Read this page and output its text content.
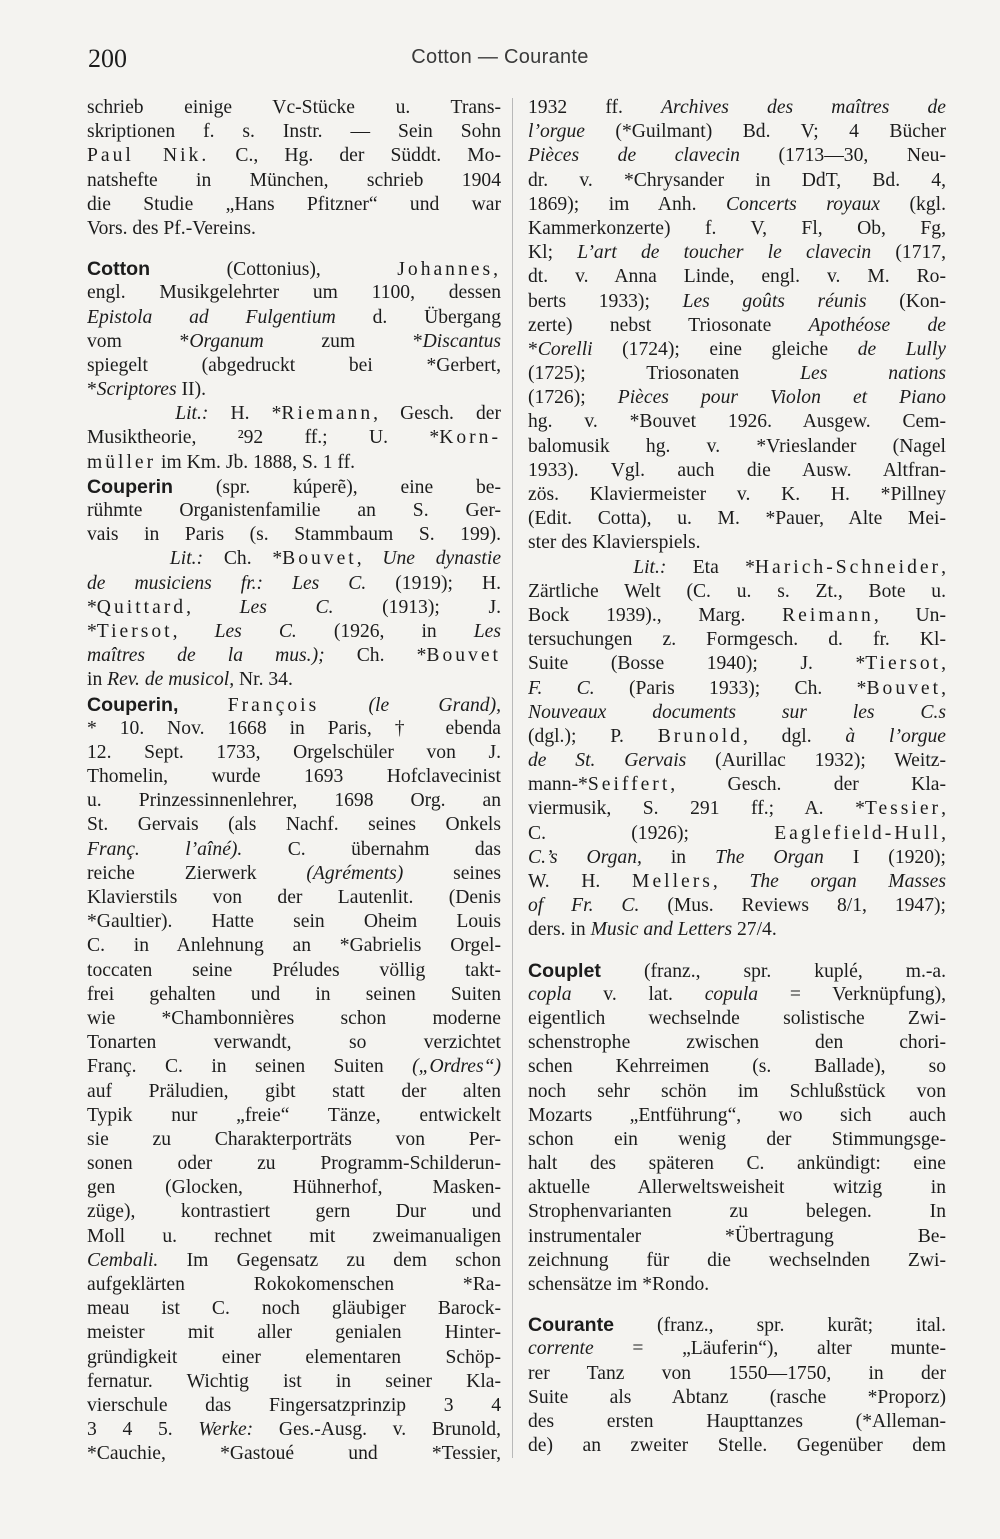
200	Cotton — Courante
schrieb einige Vc-Stücke u. Trans-
skriptionen f. s. Instr. — Sein Sohn
Paul Nik. C., Hg. der Süddt. Mo-
natshefte in München, schrieb 1904
die Studie „Hans Pfitzner“ und war
Vors. des Pf.-Vereins.
Cotton (Cottonius), Johannes,
engl. Musikgelehrter um 1100, dessen
Epistola ad Fulgentium d. Übergang
vom *Organum zum *Discantus
spiegelt (abgedruckt bei *Gerbert,
*Scriptores II).
Lit.: H. *Riemann, Gesch. der
Musiktheorie, ²92 ff.; U. *Korn-
müller im Km. Jb. 1888, S. 1 ff.
Couperin (spr. kúperẽ), eine be-
rühmte Organistenfamilie an S. Ger-
vais in Paris (s. Stammbaum S. 199).
Lit.: Ch. *Bouvet, Une dynastie
de musiciens fr.: Les C. (1919); H.
*Quittard, Les C. (1913); J.
*Tiersot, Les C. (1926, in Les
maîtres de la mus.); Ch. *Bouvet
in Rev. de musicol, Nr. 34.
Couperin,	François	(le Grand),
* 10. Nov. 1668 in Paris, † ebenda
12. Sept. 1733, Orgelschüler von J.
Thomelin, wurde 1693 Hofclavecinist
u. Prinzessinnenlehrer, 1698 Org. an
St. Gervais (als Nachf. seines Onkels
Franç. l’aîné). C. übernahm das
reiche Zierwerk (Agréments) seines
Klavierstils von der Lautenlit. (Denis
*Gaultier). Hatte sein Oheim Louis
C. in Anlehnung an *Gabrielis Orgel-
toccaten seine Préludes völlig takt-
frei gehalten und in seinen Suiten
wie *Chambonnières schon moderne
Tonarten verwandt, so verzichtet
Franç. C. in seinen Suiten („Ordres“)
auf Präludien, gibt statt der alten
Typik nur „freie“ Tänze, entwickelt
sie zu Charakterporträts von Per-
sonen oder zu Programm-Schilderun-
gen (Glocken, Hühnerhof, Masken-
züge), kontrastiert gern Dur und
Moll u. rechnet mit zweimanualigen
Cembali. Im Gegensatz zu dem schon
aufgeklärten Rokokomenschen *Ra-
meau ist C. noch gläubiger Barock-
meister mit aller genialen Hinter-
gründigkeit einer elementaren Schöp-
fernatur. Wichtig ist in seiner Kla-
vierschule das Fingersatzprinzip 3 4
3 4 5. Werke: Ges.-Ausg. v. Brunold,
*Cauchie, *Gastoué und *Tessier,
1932 ff. Archives des maîtres de
l’orgue (*Guilmant) Bd. V; 4 Bücher
Pièces de clavecin (1713—30, Neu-
dr. v. *Chrysander in DdT, Bd. 4,
1869); im Anh. Concerts royaux (kgl.
Kammerkonzerte) f. V, Fl, Ob, Fg,
Kl; L’art de toucher le clavecin (1717,
dt. v. Anna Linde, engl. v. M. Ro-
berts 1933); Les goûts réunis (Kon-
zerte) nebst Triosonate Apothéose de
*Corelli (1724); eine gleiche de Lully
(1725); Triosonaten Les nations
(1726); Pièces pour Violon et Piano
hg. v. *Bouvet 1926. Ausgew. Cem-
balomusik hg. v. *Vrieslander (Nagel
1933). Vgl. auch die Ausw. Altfran-
zös. Klaviermeister v. K. H. *Pillney
(Edit. Cotta), u. M. *Pauer, Alte Mei-
ster des Klavierspiels.
Lit.: Eta *Harich-Schneider,
Zärtliche Welt (C. u. s. Zt., Bote u.
Bock 1939)., Marg. Reimann, Un-
tersuchungen z. Formgesch. d. fr. Kl-
Suite (Bosse 1940); J. *Tiersot,
F. C. (Paris 1933); Ch. *Bouvet,
Nouveaux documents sur les C.s
(dgl.); P. Brunold, dgl. à l’orgue
de St. Gervais (Aurillac 1932); Weitz-
mann-*Seiffert, Gesch. der Kla-
viermusik, S. 291 ff.; A. *Tessier,
C. (1926); Eaglefield-Hull,
C.’s Organ, in The Organ I (1920);
W. H. Mellers, The organ Masses
of Fr. C. (Mus. Reviews 8/1, 1947);
ders. in Music and Letters 27/4.
Couplet (franz., spr. kuplé, m.-a.
copla v. lat. copula = Verknüpfung),
eigentlich wechselnde solistische Zwi-
schenstrophe zwischen den chori-
schen Kehrreimen (s. Ballade), so
noch sehr schön im Schlußstück von
Mozarts „Entführung“, wo sich auch
schon ein wenig der Stimmungsge-
halt des späteren C. ankündigt: eine
aktuelle Allerweltsweisheit witzig in
Strophenvarianten zu belegen. In
instrumentaler *Übertragung Be-
zeichnung für die wechselnden Zwi-
schensätze im *Rondo.
Courante (franz., spr. kurãt; ital.
corrente = „Läuferin“), alter munte-
rer Tanz von 1550—1750, in der
Suite als Abtanz (rasche *Proporz)
des ersten Haupttanzes (*Alleman-
de) an zweiter Stelle. Gegenüber dem
